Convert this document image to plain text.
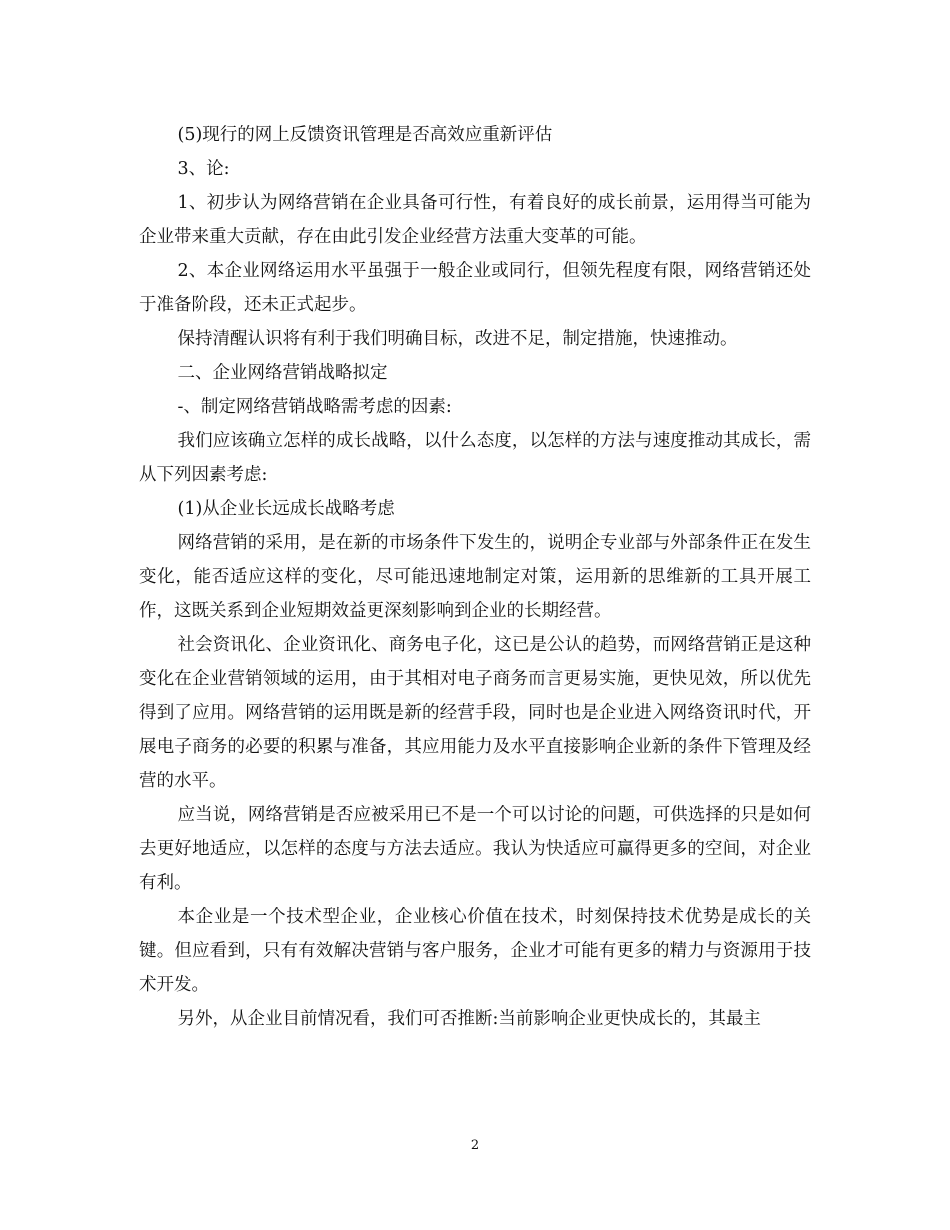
(5)现行的网上反馈资讯管理是否高效应重新评估

3、论:

1、初步认为网络营销在企业具备可行性，有着良好的成长前景，运用得当可能为企业带来重大贡献，存在由此引发企业经营方法重大变革的可能。

2、本企业网络运用水平虽强于一般企业或同行，但领先程度有限，网络营销还处于准备阶段，还未正式起步。

保持清醒认识将有利于我们明确目标，改进不足，制定措施，快速推动。

二、企业网络营销战略拟定

-、制定网络营销战略需考虑的因素:

我们应该确立怎样的成长战略，以什么态度，以怎样的方法与速度推动其成长，需从下列因素考虑:

(1)从企业长远成长战略考虑

网络营销的采用，是在新的市场条件下发生的，说明企专业部与外部条件正在发生变化，能否适应这样的变化，尽可能迅速地制定对策，运用新的思维新的工具开展工作，这既关系到企业短期效益更深刻影响到企业的长期经营。

社会资讯化、企业资讯化、商务电子化，这已是公认的趋势，而网络营销正是这种变化在企业营销领域的运用，由于其相对电子商务而言更易实施，更快见效，所以优先得到了应用。网络营销的运用既是新的经营手段，同时也是企业进入网络资讯时代，开展电子商务的必要的积累与准备，其应用能力及水平直接影响企业新的条件下管理及经营的水平。

应当说，网络营销是否应被采用已不是一个可以讨论的问题，可供选择的只是如何去更好地适应，以怎样的态度与方法去适应。我认为快适应可赢得更多的空间，对企业有利。

本企业是一个技术型企业，企业核心价值在技术，时刻保持技术优势是成长的关键。但应看到，只有有效解决营销与客户服务，企业才可能有更多的精力与资源用于技术开发。

另外，从企业目前情况看，我们可否推断:当前影响企业更快成长的，其最主

2
